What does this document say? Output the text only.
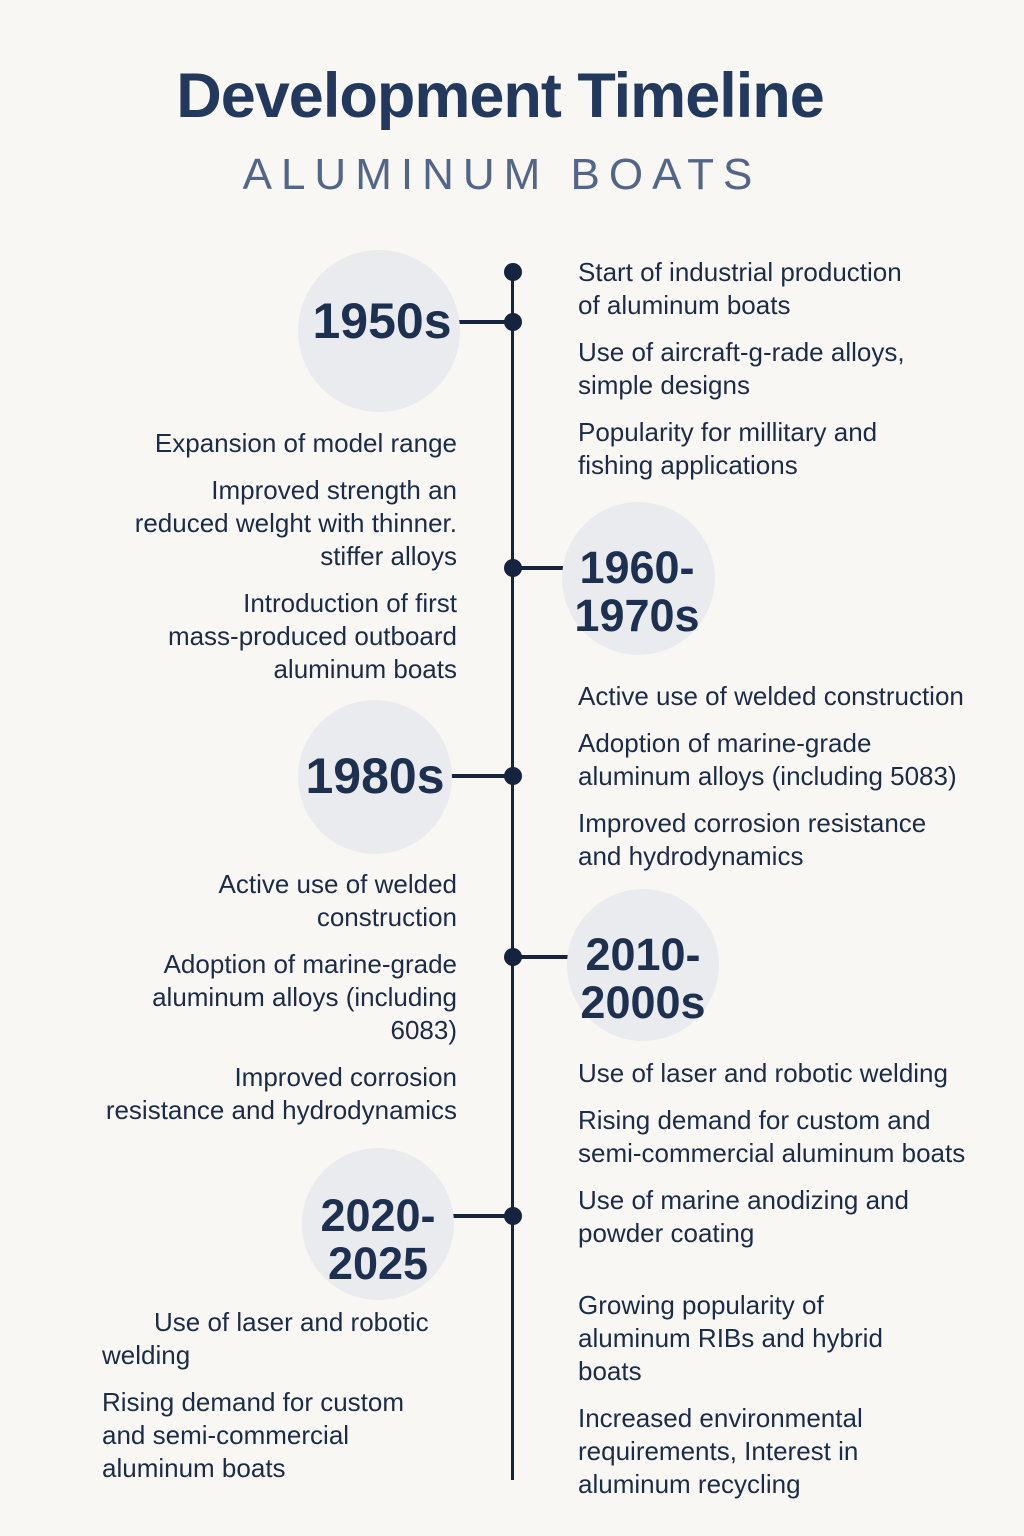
Development Timeline
ALUMINUM BOATS
1950s
1960-
1970s
1980s
2010-
2000s
2020-
2025
Start of industrial production
of aluminum boats
Use of aircraft-g-rade alloys,
simple designs
Popularity for millitary and
fishing applications
Expansion of model range
Improved strength an
reduced welght with thinner.
stiffer alloys
Introduction of first
mass-produced outboard
aluminum boats
Active use of welded construction
Adoption of marine-grade
aluminum alloys (including 5083)
Improved corrosion resistance
and hydrodynamics
Active use of welded
construction
Adoption of marine-grade
aluminum alloys (including
6083)
Improved corrosion
resistance and hydrodynamics
Use of laser and robotic welding
Rising demand for custom and
semi-commercial aluminum boats
Use of marine anodizing and
powder coating
Use of laser and robotic
welding
Rising demand for custom
and semi-commercial
aluminum boats
Growing popularity of
aluminum RIBs and hybrid
boats
Increased environmental
requirements, Interest in
aluminum recycling
